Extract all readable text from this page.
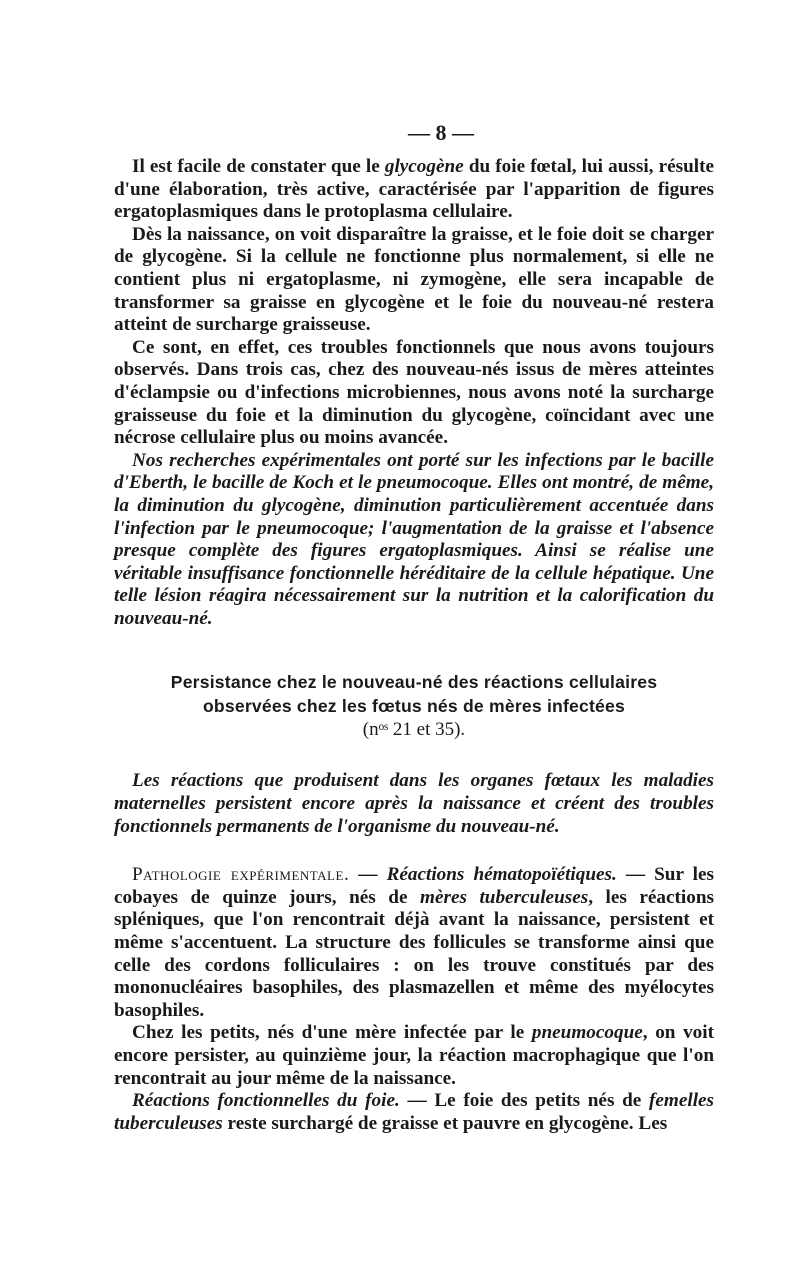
— 8 —

Il est facile de constater que le glycogène du foie fœtal, lui aussi, résulte d'une élaboration, très active, caractérisée par l'apparition de figures ergatoplasmiques dans le protoplasma cellulaire.

Dès la naissance, on voit disparaître la graisse, et le foie doit se charger de glycogène. Si la cellule ne fonctionne plus normalement, si elle ne contient plus ni ergatoplasme, ni zymogène, elle sera incapable de transformer sa graisse en glycogène et le foie du nouveau-né restera atteint de surcharge graisseuse.

Ce sont, en effet, ces troubles fonctionnels que nous avons toujours observés. Dans trois cas, chez des nouveau-nés issus de mères atteintes d'éclampsie ou d'infections microbiennes, nous avons noté la surcharge graisseuse du foie et la diminution du glycogène, coïncidant avec une nécrose cellulaire plus ou moins avancée.

Nos recherches expérimentales ont porté sur les infections par le bacille d'Eberth, le bacille de Koch et le pneumocoque. Elles ont montré, de même, la diminution du glycogène, diminution particulièrement accentuée dans l'infection par le pneumocoque; l'augmentation de la graisse et l'absence presque complète des figures ergatoplasmiques. Ainsi se réalise une véritable insuffisance fonctionnelle héréditaire de la cellule hépatique. Une telle lésion réagira nécessairement sur la nutrition et la calorification du nouveau-né.

Persistance chez le nouveau-né des réactions cellulaires
observées chez les fœtus nés de mères infectées
(nᵒˢ 21 et 35).

Les réactions que produisent dans les organes fœtaux les maladies maternelles persistent encore après la naissance et créent des troubles fonctionnels permanents de l'organisme du nouveau-né.

Pathologie expérimentale. — Réactions hématopoïétiques. — Sur les cobayes de quinze jours, nés de mères tuberculeuses, les réactions spléniques, que l'on rencontrait déjà avant la naissance, persistent et même s'accentuent. La structure des follicules se transforme ainsi que celle des cordons folliculaires : on les trouve constitués par des mononucléaires basophiles, des plasmazellen et même des myélocytes basophiles.

Chez les petits, nés d'une mère infectée par le pneumocoque, on voit encore persister, au quinzième jour, la réaction macrophagique que l'on rencontrait au jour même de la naissance.

Réactions fonctionnelles du foie. — Le foie des petits nés de femelles tuberculeuses reste surchargé de graisse et pauvre en glycogène. Les
